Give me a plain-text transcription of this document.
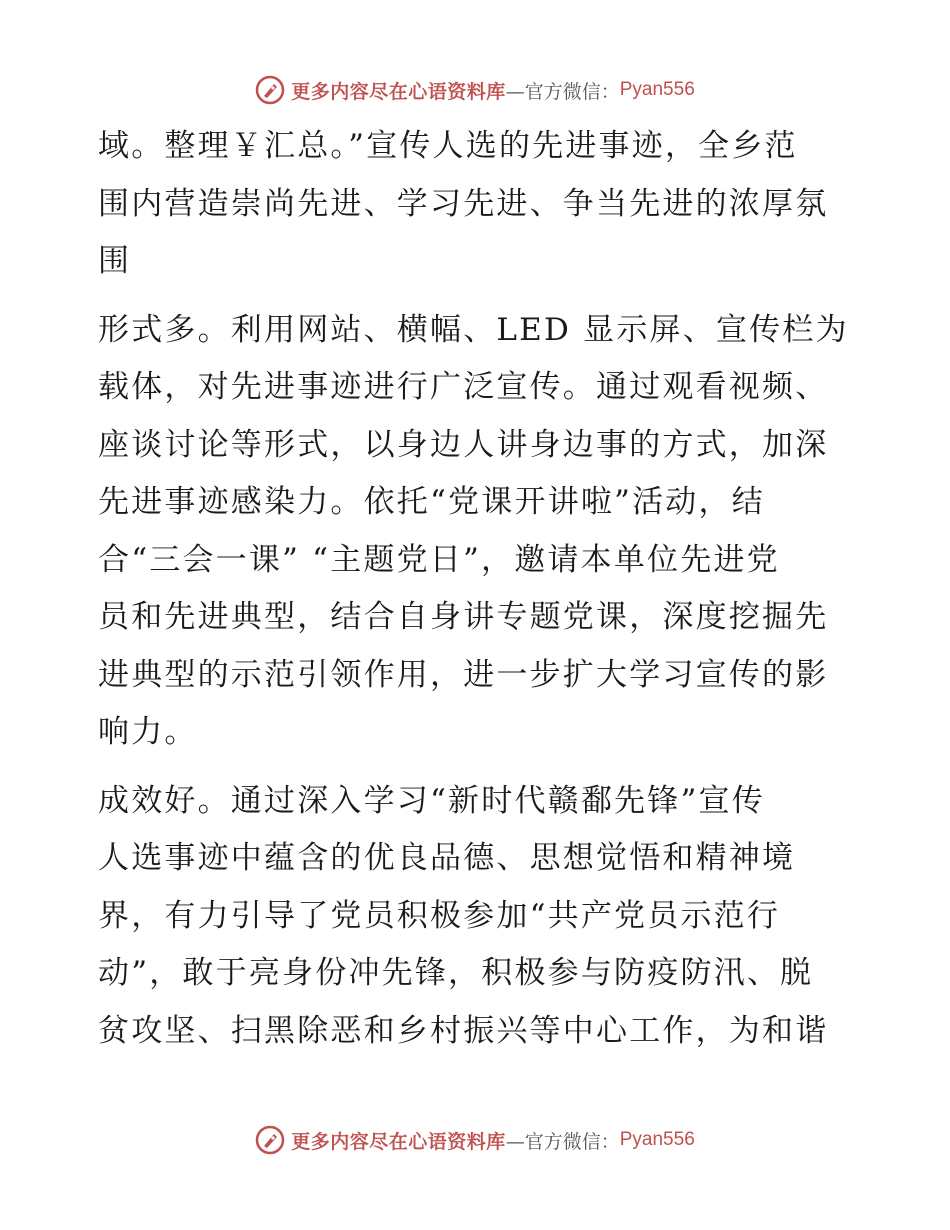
更多内容尽在心语资料库 —官方微信： Pyan556
域。整理￥汇总。”宣传人选的先进事迹，全乡范
围内营造崇尚先进、学习先进、争当先进的浓厚氛
围
形式多。利用网站、横幅、LED 显示屏、宣传栏为
载体，对先进事迹进行广泛宣传。通过观看视频、
座谈讨论等形式，以身边人讲身边事的方式，加深
先进事迹感染力。依托“党课开讲啦”活动，结
合“三会一课” “主题党日”，邀请本单位先进党
员和先进典型，结合自身讲专题党课，深度挖掘先
进典型的示范引领作用，进一步扩大学习宣传的影
响力。
成效好。通过深入学习“新时代赣鄱先锋”宣传
人选事迹中蕴含的优良品德、思想觉悟和精神境
界，有力引导了党员积极参加“共产党员示范行
动”，敢于亮身份冲先锋，积极参与防疫防汛、脱
贫攻坚、扫黑除恶和乡村振兴等中心工作，为和谐
更多内容尽在心语资料库 —官方微信： Pyan556
